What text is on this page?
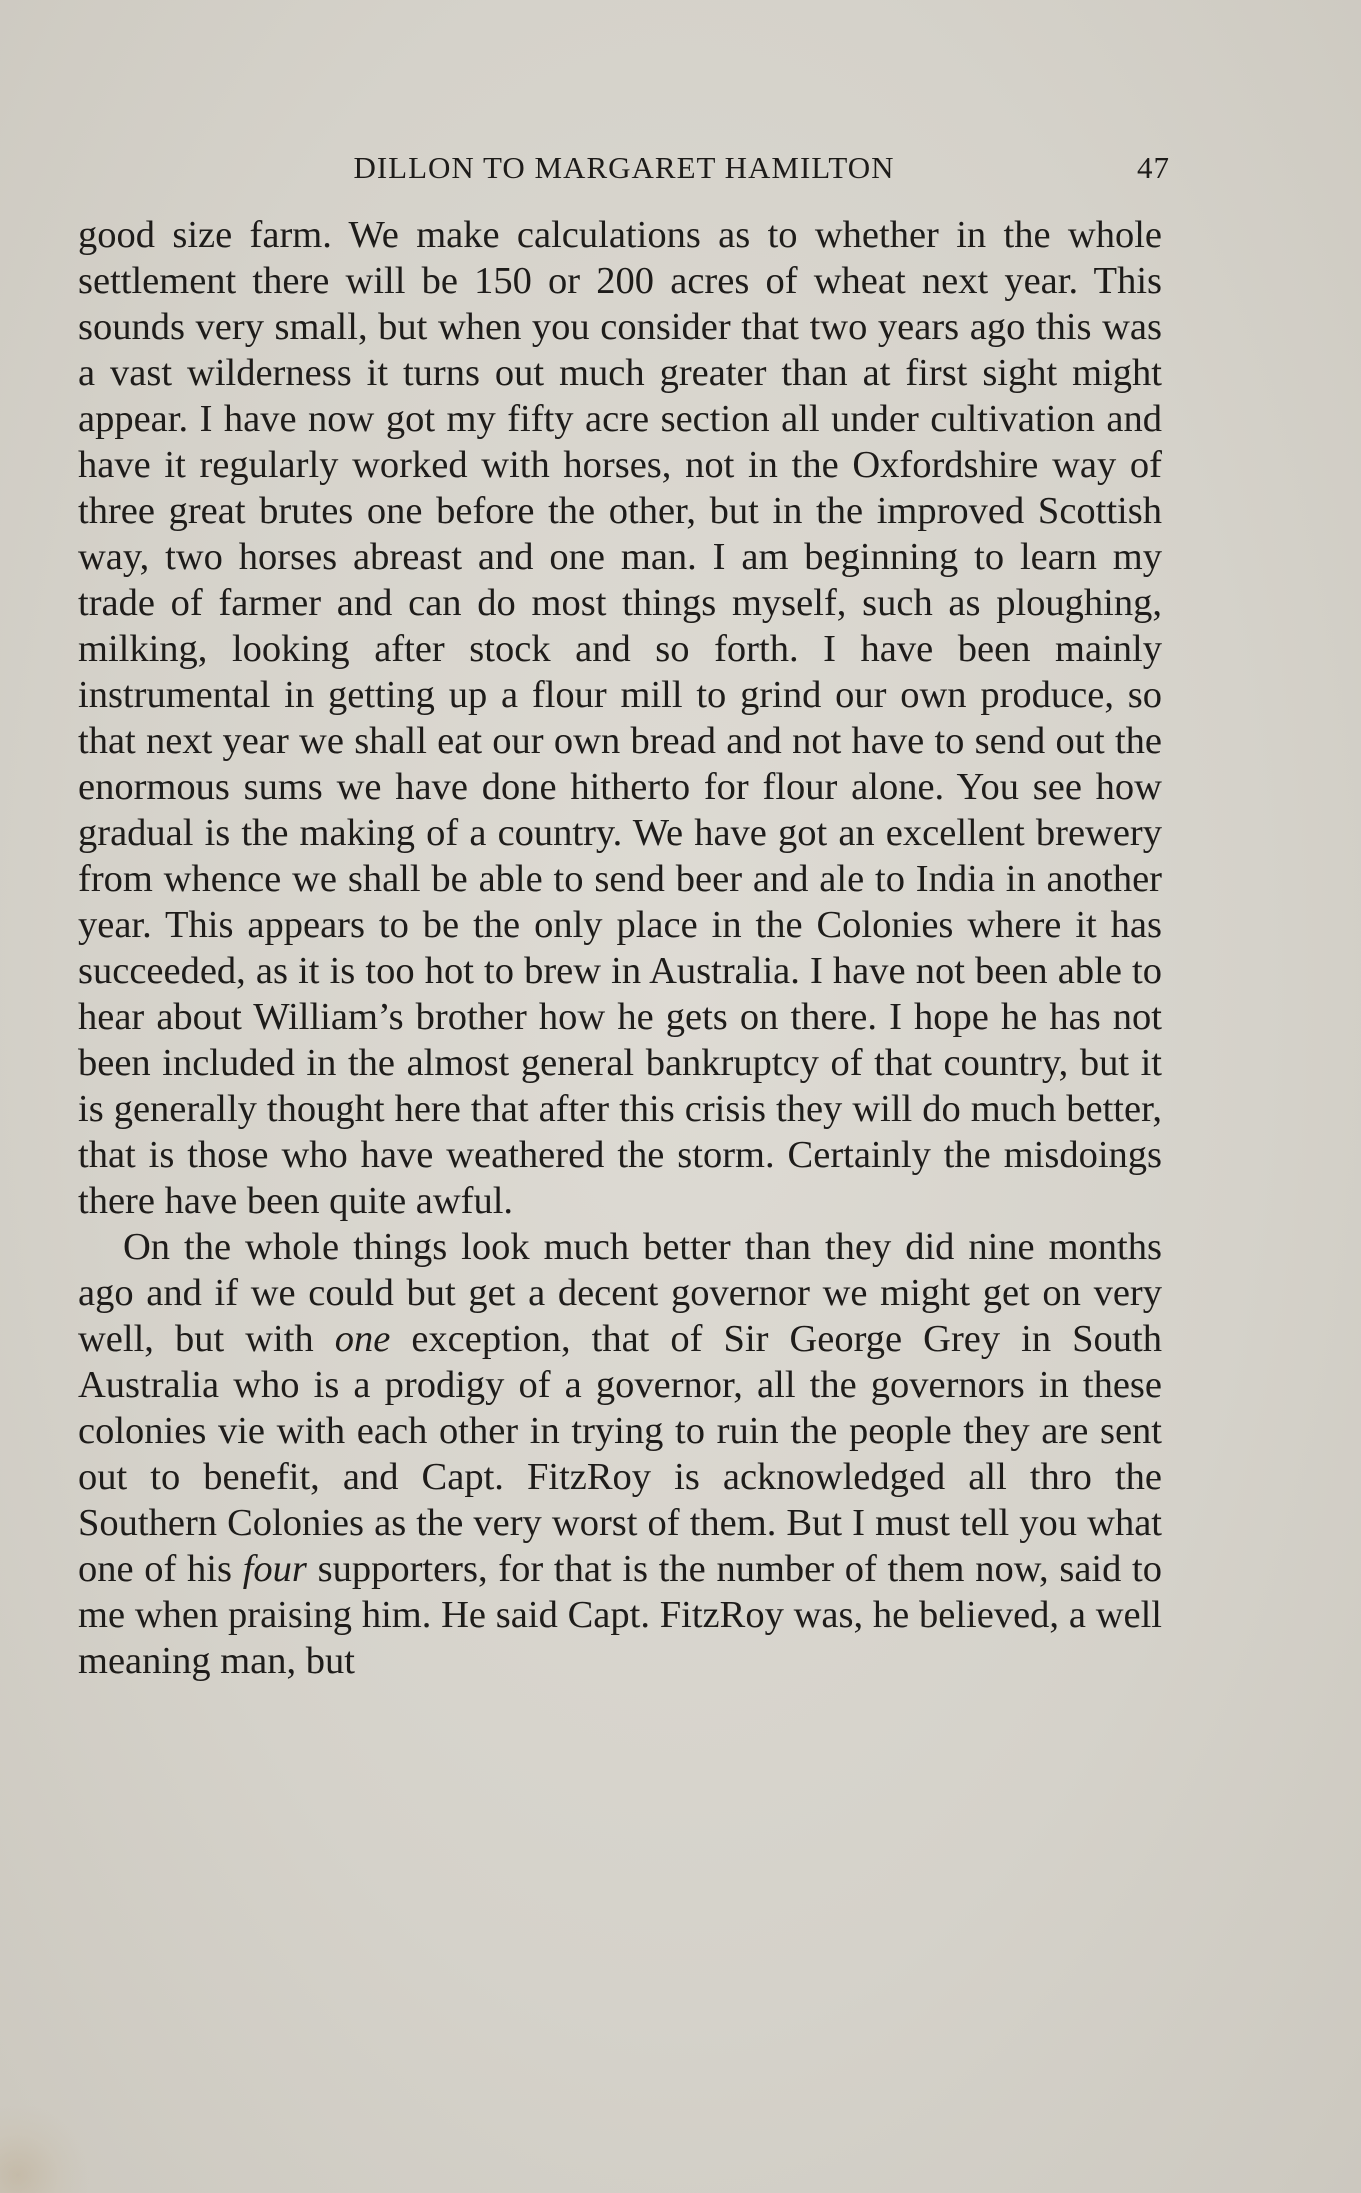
DILLON TO MARGARET HAMILTON	47

good size farm. We make calculations as to whether in the whole settlement there will be 150 or 200 acres of wheat next year. This sounds very small, but when you consider that two years ago this was a vast wilderness it turns out much greater than at first sight might appear. I have now got my fifty acre section all under cultivation and have it regularly worked with horses, not in the Oxfordshire way of three great brutes one before the other, but in the improved Scottish way, two horses abreast and one man. I am beginning to learn my trade of farmer and can do most things myself, such as ploughing, milking, looking after stock and so forth. I have been mainly instrumental in getting up a flour mill to grind our own produce, so that next year we shall eat our own bread and not have to send out the enormous sums we have done hitherto for flour alone. You see how gradual is the making of a country. We have got an excellent brewery from whence we shall be able to send beer and ale to India in another year. This appears to be the only place in the Colonies where it has succeeded, as it is too hot to brew in Australia. I have not been able to hear about William’s brother how he gets on there. I hope he has not been included in the almost general bankruptcy of that country, but it is generally thought here that after this crisis they will do much better, that is those who have weathered the storm. Certainly the misdoings there have been quite awful.

On the whole things look much better than they did nine months ago and if we could but get a decent governor we might get on very well, but with one exception, that of Sir George Grey in South Australia who is a prodigy of a governor, all the governors in these colonies vie with each other in trying to ruin the people they are sent out to benefit, and Capt. FitzRoy is acknowledged all thro the Southern Colonies as the very worst of them. But I must tell you what one of his four supporters, for that is the number of them now, said to me when praising him. He said Capt. FitzRoy was, he believed, a well meaning man, but
